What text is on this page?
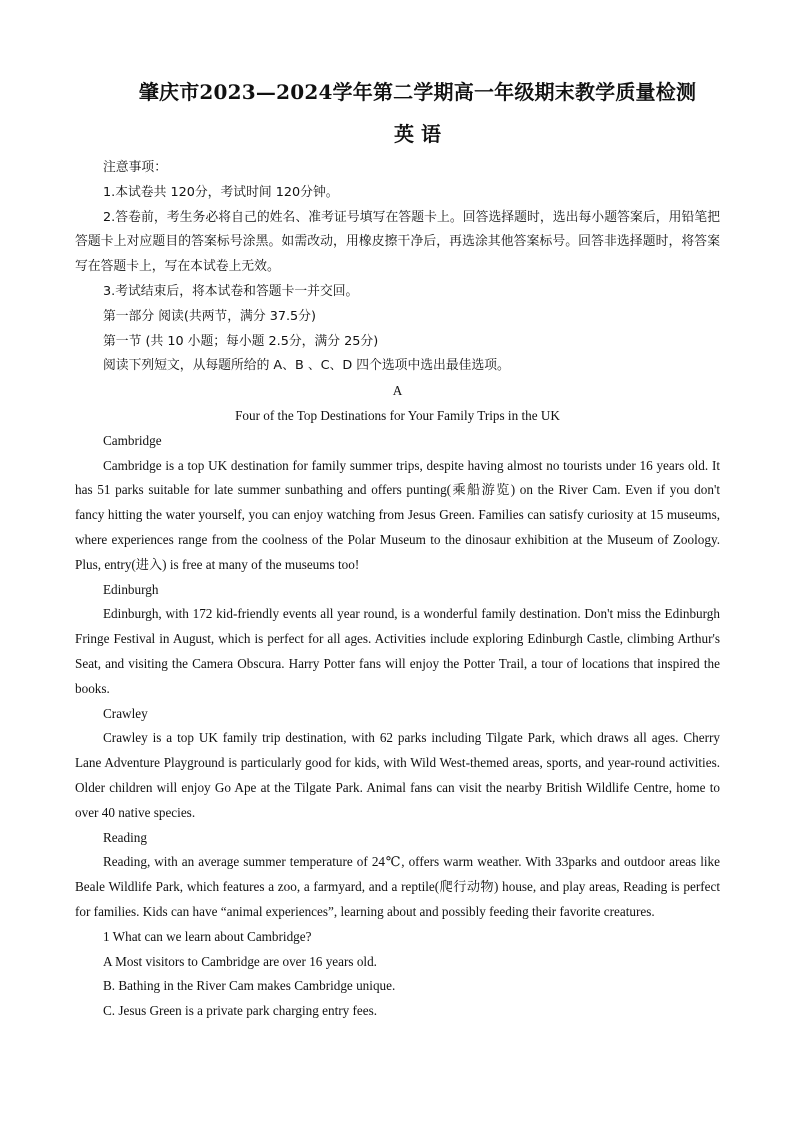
肇庆市2023—2024学年第二学期高一年级期末教学质量检测
英 语

注意事项：

1.本试卷共 120分，考试时间 120分钟。

2.答卷前，考生务必将自己的姓名、准考证号填写在答题卡上。回答选择题时，选出每小题答案后，用铅笔把答题卡上对应题目的答案标号涂黑。如需改动，用橡皮擦干净后，再选涂其他答案标号。回答非选择题时，将答案写在答题卡上，写在本试卷上无效。

3.考试结束后，将本试卷和答题卡一并交回。

第一部分 阅读(共两节，满分 37.5分)

第一节 (共 10 小题；每小题 2.5分，满分 25分)

阅读下列短文，从每题所给的 A、B 、C、D 四个选项中选出最佳选项。

A

Four of the Top Destinations for Your Family Trips in the UK

Cambridge

Cambridge is a top UK destination for family summer trips, despite having almost no tourists under 16 years old. It has 51 parks suitable for late summer sunbathing and offers punting(乘船游览) on the River Cam. Even if you don't fancy hitting the water yourself, you can enjoy watching from Jesus Green. Families can satisfy curiosity at 15 museums, where experiences range from the coolness of the Polar Museum to the dinosaur exhibition at the Museum of Zoology. Plus, entry(进入) is free at many of the museums too!

Edinburgh

Edinburgh, with 172 kid-friendly events all year round, is a wonderful family destination. Don't miss the Edinburgh Fringe Festival in August, which is perfect for all ages. Activities include exploring Edinburgh Castle, climbing Arthur's Seat, and visiting the Camera Obscura. Harry Potter fans will enjoy the Potter Trail, a tour of locations that inspired the books.

Crawley

Crawley is a top UK family trip destination, with 62 parks including Tilgate Park, which draws all ages. Cherry Lane Adventure Playground is particularly good for kids, with Wild West-themed areas, sports, and year-round activities. Older children will enjoy Go Ape at the Tilgate Park. Animal fans can visit the nearby British Wildlife Centre, home to over 40 native species.

Reading

Reading, with an average summer temperature of 24℃, offers warm weather. With 33parks and outdoor areas like Beale Wildlife Park, which features a zoo, a farmyard, and a reptile(爬行动物) house, and play areas, Reading is perfect for families. Kids can have “animal experiences”, learning about and possibly feeding their favorite creatures.

1 What can we learn about Cambridge?

A Most visitors to Cambridge are over 16 years old.

B. Bathing in the River Cam makes Cambridge unique.

C. Jesus Green is a private park charging entry fees.
